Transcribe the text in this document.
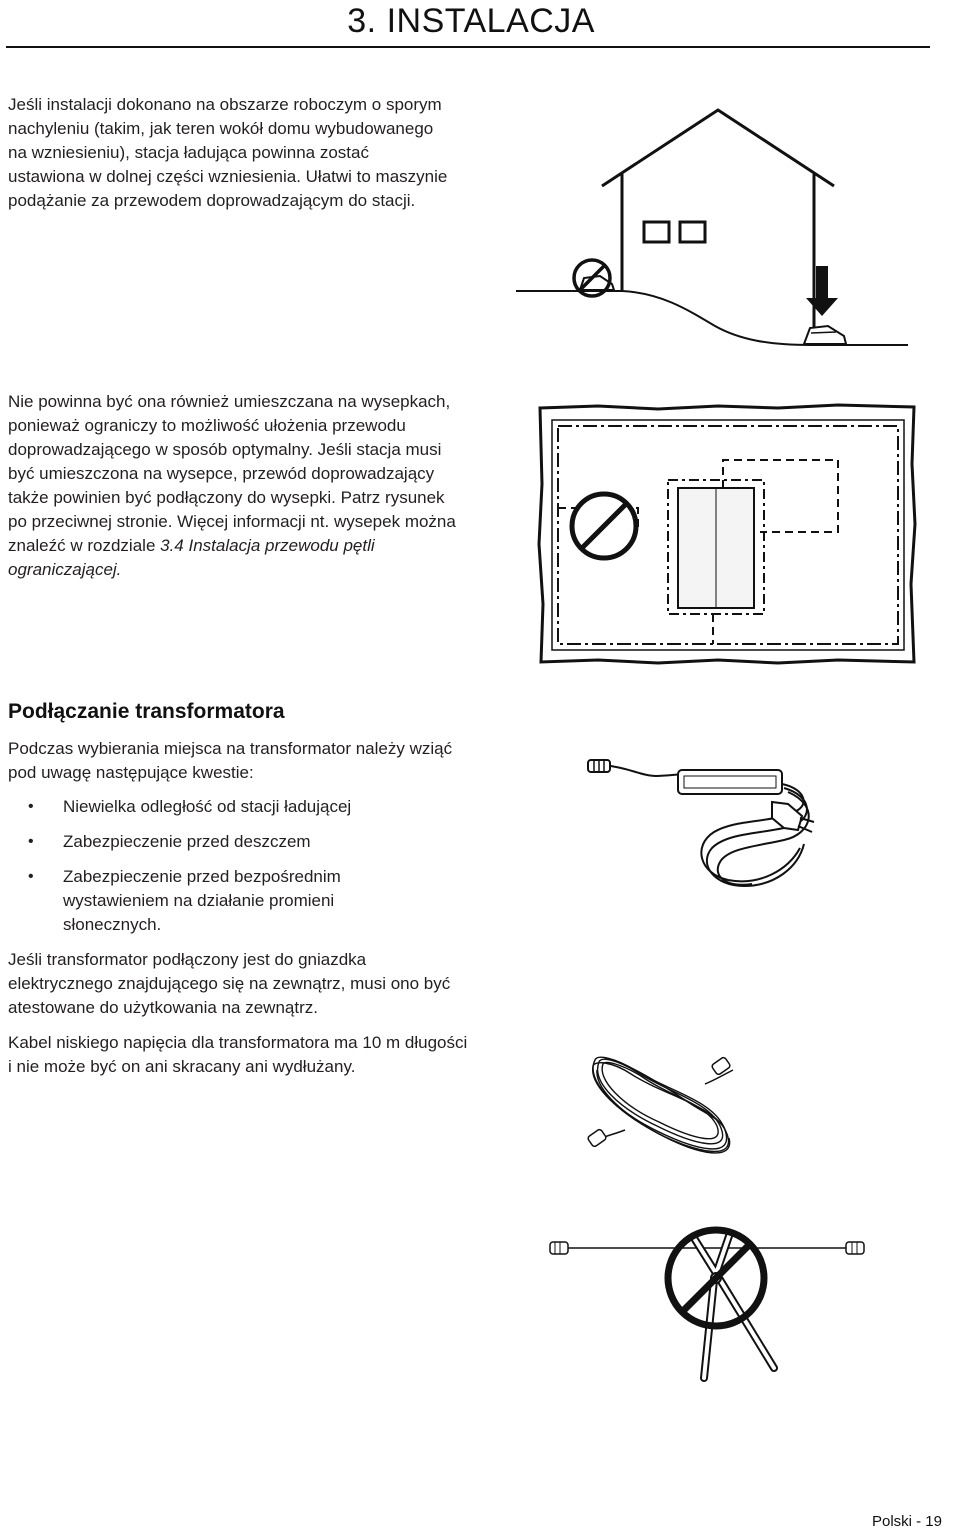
3. INSTALACJA

Jeśli instalacji dokonano na obszarze roboczym o sporym nachyleniu (takim, jak teren wokół domu wybudowanego na wzniesieniu), stacja ładująca powinna zostać ustawiona w dolnej części wzniesienia. Ułatwi to maszynie podążanie za przewodem doprowadzającym do stacji.

Nie powinna być ona również umieszczana na wysepkach, ponieważ ograniczy to możliwość ułożenia przewodu doprowadzającego w sposób optymalny. Jeśli stacja musi być umieszczona na wysepce, przewód doprowadzający także powinien być podłączony do wysepki. Patrz rysunek po przeciwnej stronie. Więcej informacji nt. wysepek można znaleźć w rozdziale 3.4 Instalacja przewodu pętli ograniczającej.

Podłączanie transformatora

Podczas wybierania miejsca na transformator należy wziąć pod uwagę następujące kwestie:

• Niewielka odległość od stacji ładującej
• Zabezpieczenie przed deszczem
• Zabezpieczenie przed bezpośrednim wystawieniem na działanie promieni słonecznych.

Jeśli transformator podłączony jest do gniazdka elektrycznego znajdującego się na zewnątrz, musi ono być atestowane do użytkowania na zewnątrz.

Kabel niskiego napięcia dla transformatora ma 10 m długości i nie może być on ani skracany ani wydłużany.

Polski - 19
